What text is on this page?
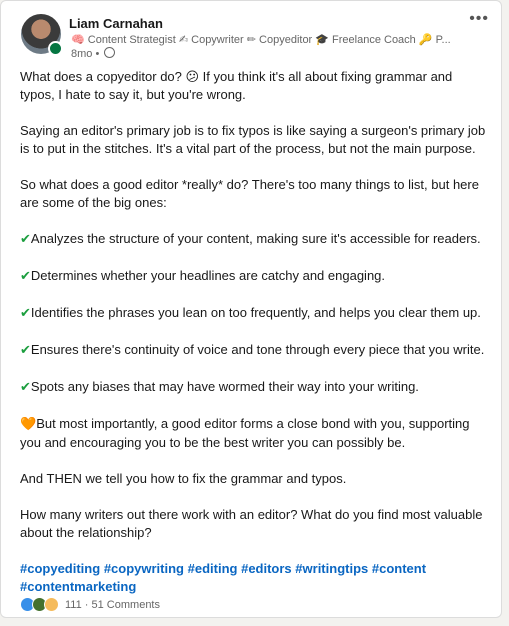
Liam Carnahan
🧠 Content Strategist ✍ Copywriter ✏ Copyeditor 🎓 Freelance Coach 🔑 P...
8mo •
•••

What does a copyeditor do? 😕 If you think it's all about fixing grammar and typos, I hate to say it, but you're wrong.

Saying an editor's primary job is to fix typos is like saying a surgeon's primary job is to put in the stitches. It's a vital part of the process, but not the main purpose.

So what does a good editor *really* do? There's too many things to list, but here are some of the big ones:

✔Analyzes the structure of your content, making sure it's accessible for readers.

✔Determines whether your headlines are catchy and engaging.

✔Identifies the phrases you lean on too frequently, and helps you clear them up.

✔Ensures there's continuity of voice and tone through every piece that you write.

✔Spots any biases that may have wormed their way into your writing.

🧡But most importantly, a good editor forms a close bond with you, supporting you and encouraging you to be the best writer you can possibly be.

And THEN we tell you how to fix the grammar and typos.

How many writers out there work with an editor? What do you find most valuable about the relationship?

#copyediting #copywriting #editing #editors #writingtips #content #contentmarketing

111 · 51 Comments
